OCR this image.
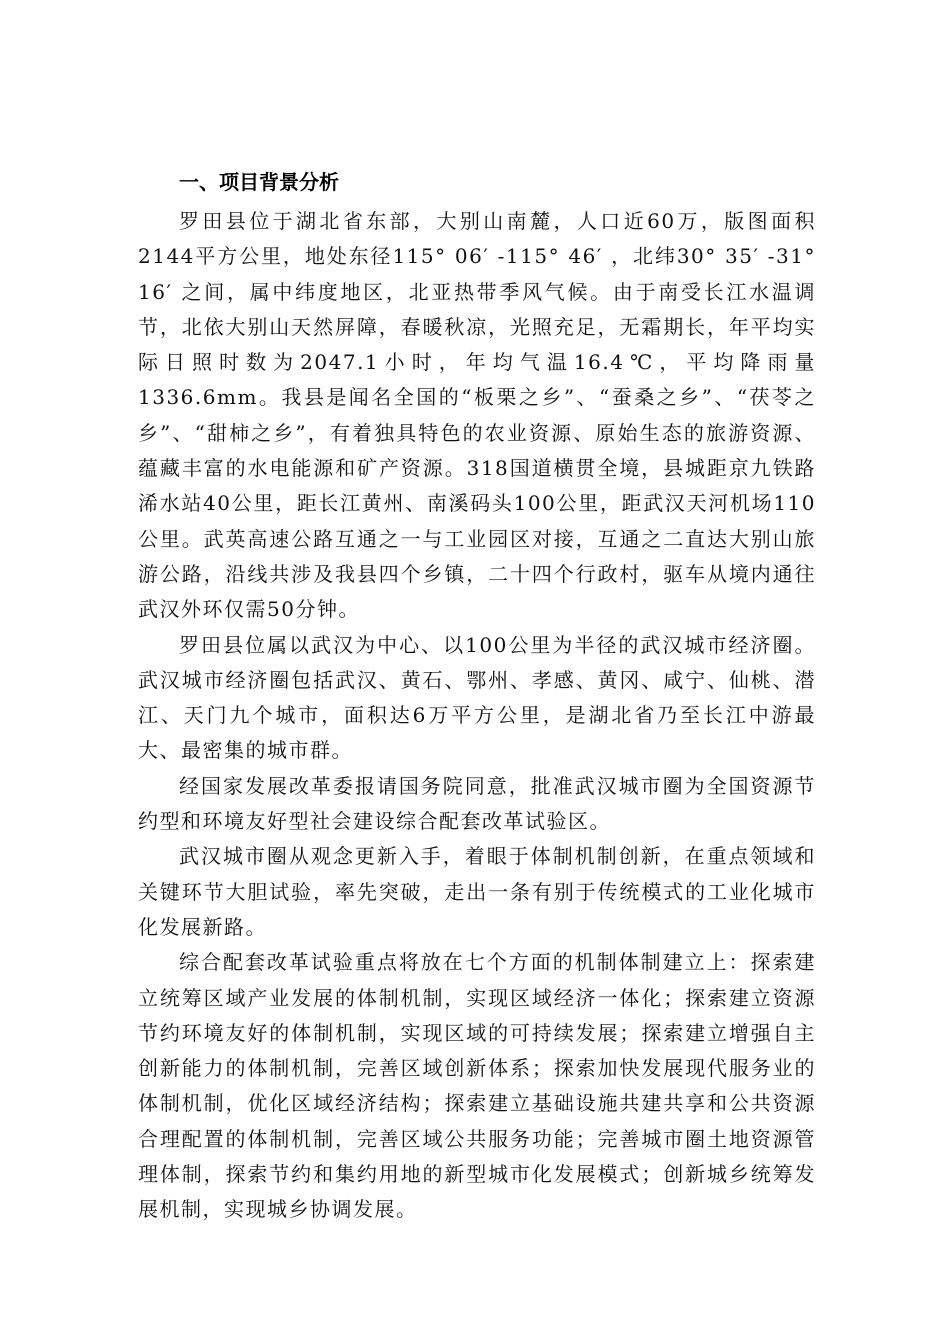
一、项目背景分析

罗田县位于湖北省东部，大别山南麓，人口近60万，版图面积2144平方公里，地处东径115° 06′ -115° 46′ ，北纬30° 35′ -31° 16′ 之间，属中纬度地区，北亚热带季风气候。由于南受长江水温调节，北依大别山天然屏障，春暖秋凉，光照充足，无霜期长，年平均实际日照时数为2047.1小时，年均气温16.4℃，平均降雨量1336.6mm。我县是闻名全国的“板栗之乡”、“蚕桑之乡”、“茯苓之乡”、“甜柿之乡”，有着独具特色的农业资源、原始生态的旅游资源、蕴藏丰富的水电能源和矿产资源。318国道横贯全境，县城距京九铁路浠水站40公里，距长江黄州、南溪码头100公里，距武汉天河机场110公里。武英高速公路互通之一与工业园区对接，互通之二直达大别山旅游公路，沿线共涉及我县四个乡镇，二十四个行政村，驱车从境内通往武汉外环仅需50分钟。

罗田县位属以武汉为中心、以100公里为半径的武汉城市经济圈。武汉城市经济圈包括武汉、黄石、鄂州、孝感、黄冈、咸宁、仙桃、潜江、天门九个城市，面积达6万平方公里，是湖北省乃至长江中游最大、最密集的城市群。

经国家发展改革委报请国务院同意，批准武汉城市圈为全国资源节约型和环境友好型社会建设综合配套改革试验区。

武汉城市圈从观念更新入手，着眼于体制机制创新，在重点领域和关键环节大胆试验，率先突破，走出一条有别于传统模式的工业化城市化发展新路。

综合配套改革试验重点将放在七个方面的机制体制建立上：探索建立统筹区域产业发展的体制机制，实现区域经济一体化；探索建立资源节约环境友好的体制机制，实现区域的可持续发展；探索建立增强自主创新能力的体制机制，完善区域创新体系；探索加快发展现代服务业的体制机制，优化区域经济结构；探索建立基础设施共建共享和公共资源合理配置的体制机制，完善区域公共服务功能；完善城市圈土地资源管理体制，探索节约和集约用地的新型城市化发展模式；创新城乡统筹发展机制，实现城乡协调发展。
